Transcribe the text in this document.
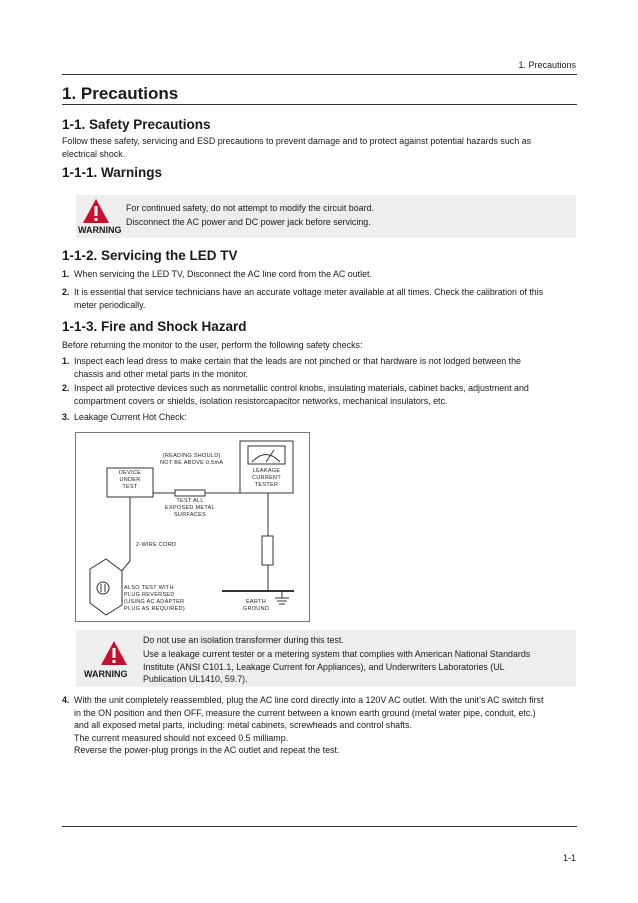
1. Precautions
1. Precautions
1-1. Safety Precautions
Follow these safety, servicing and ESD precautions to prevent damage and to protect against potential hazards such as
electrical shock.
1-1-1. Warnings
WARNING
For continued safety, do not attempt to modify the circuit board.
Disconnect the AC power and DC power jack before servicing.
1-1-2. Servicing the LED TV
1. When servicing the LED TV, Disconnect the AC line cord from the AC outlet.
2. It is essential that service technicians have an accurate voltage meter available at all times. Check the calibration of this
meter periodically.
1-1-3. Fire and Shock Hazard
Before returning the monitor to the user, perform the following safety checks:
1. Inspect each lead dress to make certain that the leads are not pinched or that hardware is not lodged between the
chassis and other metal parts in the monitor.
2. Inspect all protective devices such as nonmetallic control knobs, insulating materials, cabinet backs, adjustment and
compartment covers or shields, isolation resistorcapacitor networks, mechanical insulators, etc.
3. Leakage Current Hot Check:
(READING SHOULD)
NOT BE ABOVE 0.5mA
DEVICE
UNDER
TEST
LEAKAGE
CURRENT
TESTER
TEST ALL
EXPOSED METAL
SURFACES
2-WIRE CORD
ALSO TEST WITH
PLUG REVERSED
(USING AC ADAPTER
PLUG AS REQUIRED)
EARTH
GROUND
WARNING
Do not use an isolation transformer during this test.
Use a leakage current tester or a metering system that complies with American National Standards
Institute (ANSI C101.1, Leakage Current for Appliances), and Underwriters Laboratories (UL
Publication UL1410, 59.7).
4. With the unit completely reassembled, plug the AC line cord directly into a 120V AC outlet. With the unit’s AC switch first
in the ON position and then OFF, measure the current between a known earth ground (metal water pipe, conduit, etc.)
and all exposed metal parts, including: metal cabinets, screwheads and control shafts.
The current measured should not exceed 0.5 milliamp.
Reverse the power-plug prongs in the AC outlet and repeat the test.
1-1
